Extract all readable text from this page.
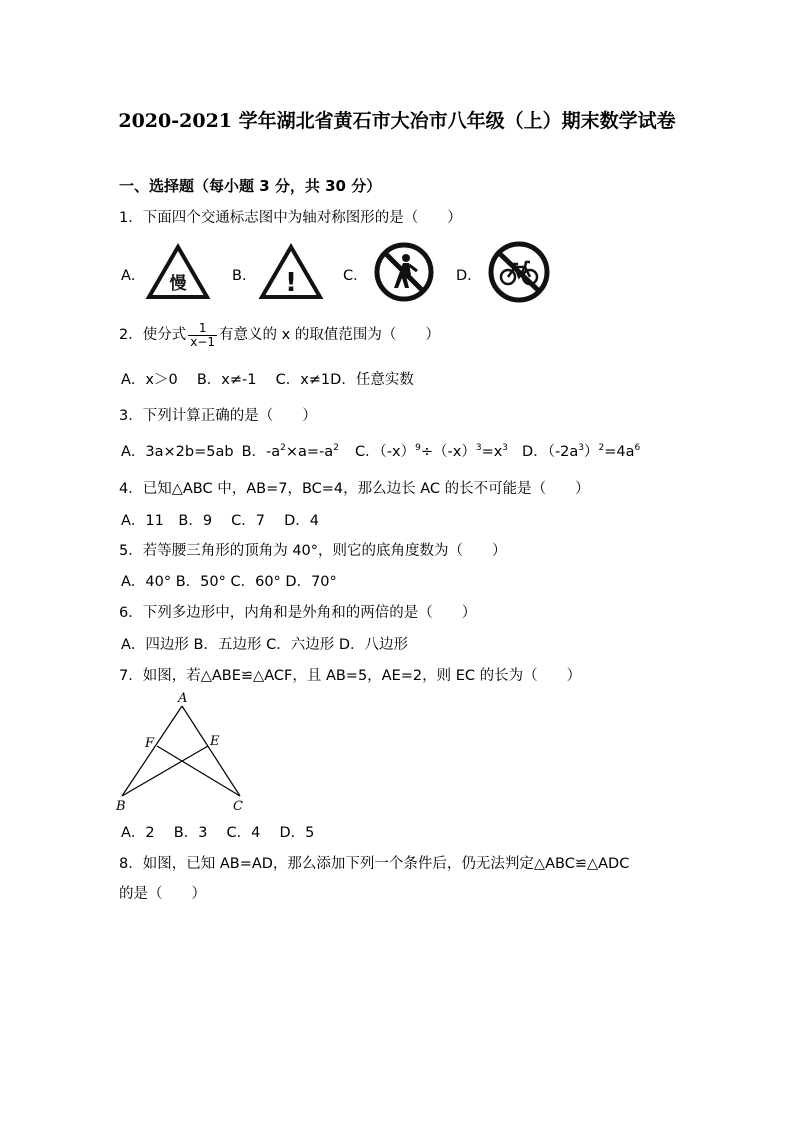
2020-2021 学年湖北省黄石市大冶市八年级（上）期末数学试卷
一、选择题（每小题 3 分，共 30 分）
1．下面四个交通标志图中为轴对称图形的是（　　）
A． 慢	B． !	C．	D．
2．使分式 $\frac{1}{x-1}$ 有意义的 x 的取值范围为（　　）
A．x＞0　 B．x≠-1　 C．x≠1D．任意实数
3．下列计算正确的是（　　）
A．3a×2b=5ab B．$-a^2\times a=-a^2$ C．$(-x)^9\div(-x)^3=x^3$ D．$(-2a^3)^2=4a^6$
4．已知△ABC 中，AB=7，BC=4，那么边长 AC 的长不可能是（　　）
A．11　B．9　 C．7　 D．4
5．若等腰三角形的顶角为 40°，则它的底角度数为（　　）
A．40° B．50° C．60° D．70°
6．下列多边形中，内角和是外角和的两倍的是（　　）
A．四边形 B．五边形 C．六边形 D．八边形
7．如图，若△ABE≌△ACF，且 AB=5，AE=2，则 EC 的长为（　　）
A
F	E
B	C
A．2　 B．3　 C．4　 D．5
8．如图，已知 AB=AD，那么添加下列一个条件后，仍无法判定△ABC≌△ADC
的是（　　）
